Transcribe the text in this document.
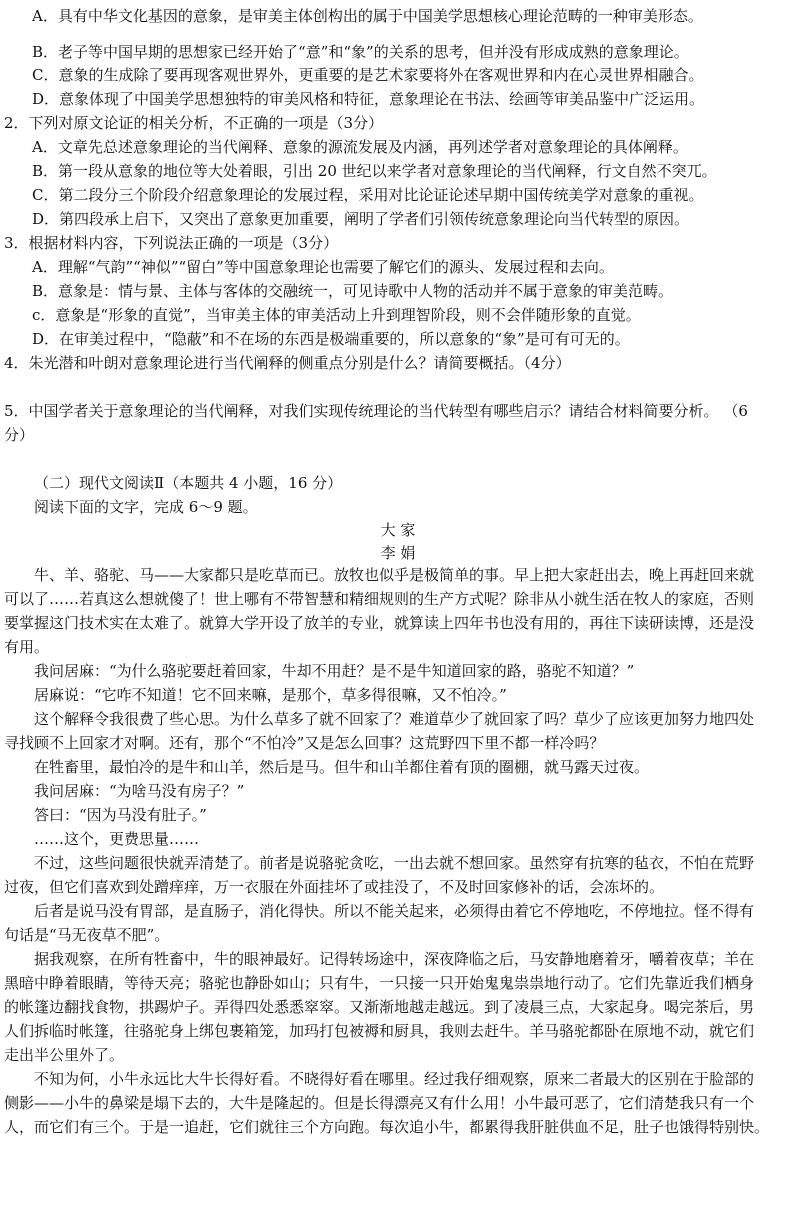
A．具有中华文化基因的意象，是审美主体创构出的属于中国美学思想核心理论范畴的一种审美形态。
B．老子等中国早期的思想家已经开始了“意”和“象”的关系的思考，但并没有形成成熟的意象理论。
C．意象的生成除了要再现客观世界外，更重要的是艺术家要将外在客观世界和内在心灵世界相融合。
D．意象体现了中国美学思想独特的审美风格和特征，意象理论在书法、绘画等审美品鉴中广泛运用。
2．下列对原文论证的相关分析，不正确的一项是（3分）
A．文章先总述意象理论的当代阐释、意象的源流发展及内涵，再列述学者对意象理论的具体阐释。
B．第一段从意象的地位等大处着眼，引出 20 世纪以来学者对意象理论的当代阐释，行文自然不突兀。
C．第二段分三个阶段介绍意象理论的发展过程，采用对比论证论述早期中国传统美学对意象的重视。
D．第四段承上启下，又突出了意象更加重要，阐明了学者们引领传统意象理论向当代转型的原因。
3．根据材料内容，下列说法正确的一项是（3分）
A．理解“气韵”“神似”“留白”等中国意象理论也需要了解它们的源头、发展过程和去向。
B．意象是：情与景、主体与客体的交融统一，可见诗歌中人物的活动并不属于意象的审美范畴。
c．意象是“形象的直觉”，当审美主体的审美活动上升到理智阶段，则不会伴随形象的直觉。
D．在审美过程中，“隐蔽”和不在场的东西是极端重要的，所以意象的“象”是可有可无的。
4．朱光潜和叶朗对意象理论进行当代阐释的侧重点分别是什么？请简要概括。（4分）
5．中国学者关于意象理论的当代阐释，对我们实现传统理论的当代转型有哪些启示？请结合材料简要分析。 （6
分）
（二）现代文阅读Ⅱ（本题共 4 小题，16 分）
阅读下面的文字，完成 6～9 题。
大 家
李 娟
　　牛、羊、骆驼、马——大家都只是吃草而已。放牧也似乎是极简单的事。早上把大家赶出去，晚上再赶回来就
可以了……若真这么想就傻了！世上哪有不带智慧和精细规则的生产方式呢？除非从小就生活在牧人的家庭，否则
要掌握这门技术实在太难了。就算大学开设了放羊的专业，就算读上四年书也没有用的，再往下读研读博，还是没
有用。
　　我问居麻：“为什么骆驼要赶着回家，牛却不用赶？是不是牛知道回家的路，骆驼不知道？”
　　居麻说：“它咋不知道！它不回来嘛，是那个，草多得很嘛，又不怕冷。”
　　这个解释令我很费了些心思。为什么草多了就不回家了？难道草少了就回家了吗？草少了应该更加努力地四处
寻找顾不上回家才对啊。还有，那个“不怕冷”又是怎么回事？这荒野四下里不都一样冷吗？
　　在牲畜里，最怕冷的是牛和山羊，然后是马。但牛和山羊都住着有顶的圈棚，就马露天过夜。
　　我问居麻：“为啥马没有房子？”
　　答曰：“因为马没有肚子。”
　　……这个，更费思量……
　　不过，这些问题很快就弄清楚了。前者是说骆驼贪吃，一出去就不想回家。虽然穿有抗寒的毡衣，不怕在荒野
过夜，但它们喜欢到处蹭痒痒，万一衣服在外面挂坏了或挂没了，不及时回家修补的话，会冻坏的。
　　后者是说马没有胃部，是直肠子，消化得快。所以不能关起来，必须得由着它不停地吃，不停地拉。怪不得有
句话是“马无夜草不肥”。
　　据我观察，在所有牲畜中，牛的眼神最好。记得转场途中，深夜降临之后，马安静地磨着牙，嚼着夜草；羊在
黑暗中睁着眼睛，等待天亮；骆驼也静卧如山；只有牛，一只接一只开始鬼鬼祟祟地行动了。它们先靠近我们栖身
的帐篷边翻找食物，拱踢炉子。弄得四处悉悉窣窣。又渐渐地越走越远。到了凌晨三点，大家起身。喝完茶后，男
人们拆临时帐篷，往骆驼身上绑包裹箱笼，加玛打包被褥和厨具，我则去赶牛。羊马骆驼都卧在原地不动，就它们
走出半公里外了。
　　不知为何，小牛永远比大牛长得好看。不晓得好看在哪里。经过我仔细观察，原来二者最大的区别在于脸部的
侧影——小牛的鼻梁是塌下去的，大牛是隆起的。但是长得漂亮又有什么用！小牛最可恶了，它们清楚我只有一个
人，而它们有三个。于是一追赶，它们就往三个方向跑。每次追小牛，都累得我肝脏供血不足，肚子也饿得特别快。
